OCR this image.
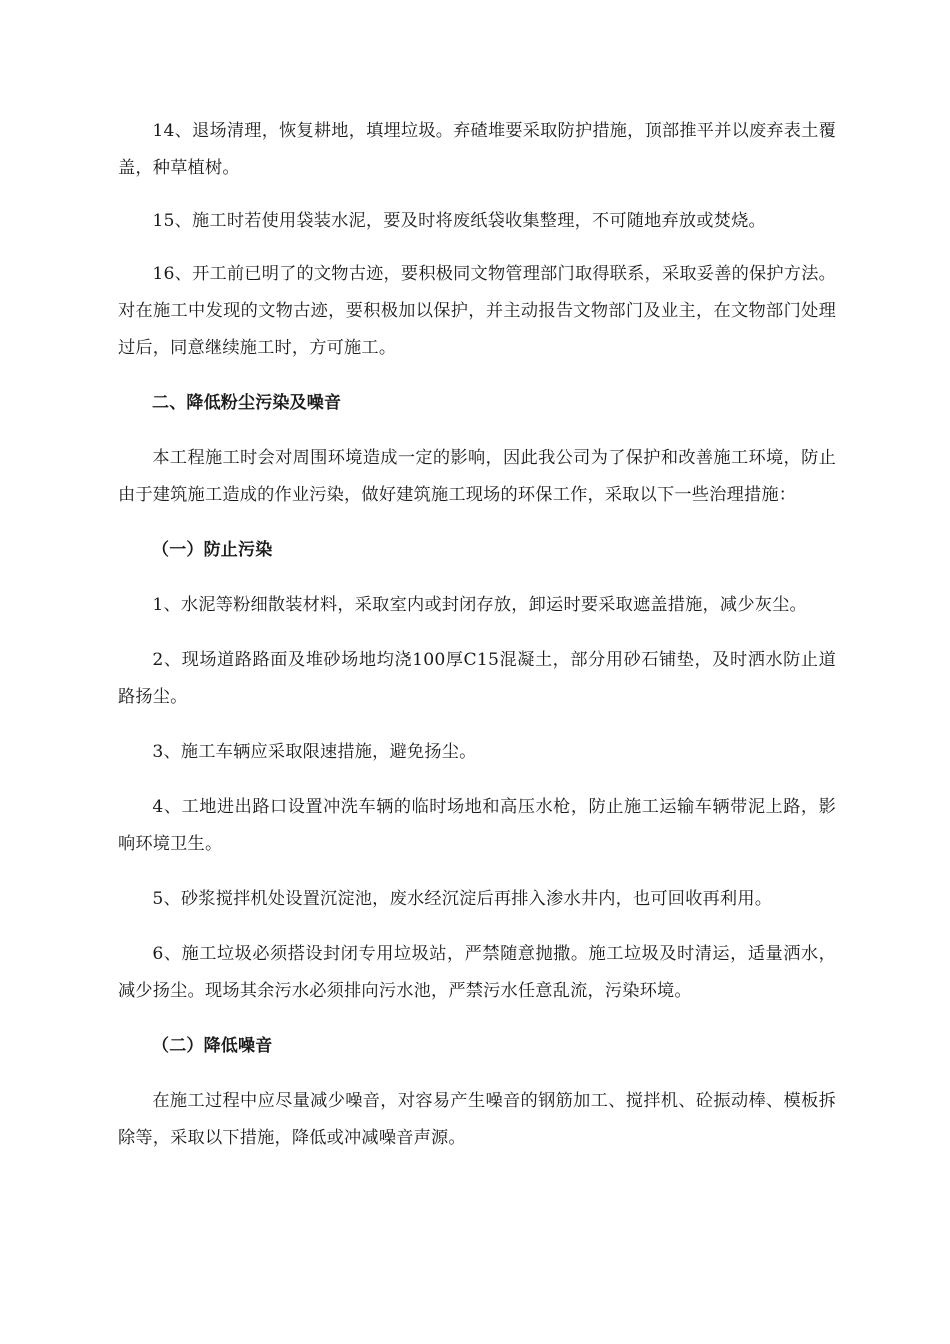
14、退场清理，恢复耕地，填埋垃圾。弃碴堆要采取防护措施，顶部推平并以废弃表土覆盖，种草植树。

15、施工时若使用袋装水泥，要及时将废纸袋收集整理，不可随地弃放或焚烧。

16、开工前已明了的文物古迹，要积极同文物管理部门取得联系，采取妥善的保护方法。对在施工中发现的文物古迹，要积极加以保护，并主动报告文物部门及业主，在文物部门处理过后，同意继续施工时，方可施工。

二、降低粉尘污染及噪音

本工程施工时会对周围环境造成一定的影响，因此我公司为了保护和改善施工环境，防止由于建筑施工造成的作业污染，做好建筑施工现场的环保工作，采取以下一些治理措施：

（一）防止污染

1、水泥等粉细散装材料，采取室内或封闭存放，卸运时要采取遮盖措施，减少灰尘。

2、现场道路路面及堆砂场地均浇100厚C15混凝土，部分用砂石铺垫，及时洒水防止道路扬尘。

3、施工车辆应采取限速措施，避免扬尘。

4、工地进出路口设置冲洗车辆的临时场地和高压水枪，防止施工运输车辆带泥上路，影响环境卫生。

5、砂浆搅拌机处设置沉淀池，废水经沉淀后再排入渗水井内，也可回收再利用。

6、施工垃圾必须搭设封闭专用垃圾站，严禁随意抛撒。施工垃圾及时清运，适量洒水，减少扬尘。现场其余污水必须排向污水池，严禁污水任意乱流，污染环境。

（二）降低噪音

在施工过程中应尽量减少噪音，对容易产生噪音的钢筋加工、搅拌机、砼振动棒、模板拆除等，采取以下措施，降低或冲减噪音声源。
